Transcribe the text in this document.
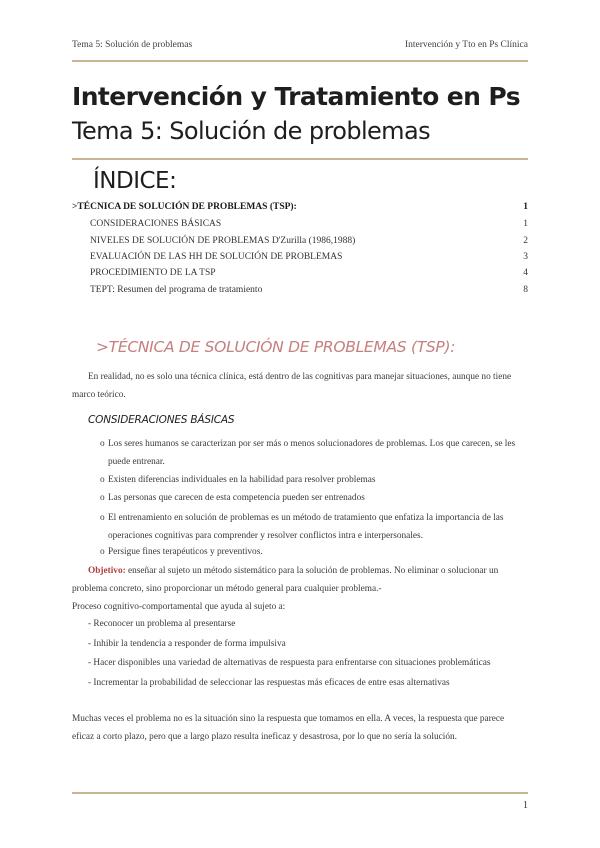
Tema 5: Solución de problemas	Intervención y Tto en Ps Clínica
Intervención y Tratamiento en Ps
Tema 5: Solución de problemas
ÍNDICE:
>TÉCNICA DE SOLUCIÓN DE PROBLEMAS (TSP):	1
CONSIDERACIONES BÁSICAS	1
NIVELES DE SOLUCIÓN DE PROBLEMAS D'Zurilla (1986,1988)	2
EVALUACIÓN DE LAS HH DE SOLUCIÓN DE PROBLEMAS	3
PROCEDIMIENTO DE LA TSP	4
TEPT: Resumen del programa de tratamiento	8
>TÉCNICA DE SOLUCIÓN DE PROBLEMAS (TSP):
En realidad, no es solo una técnica clínica, está dentro de las cognitivas para manejar situaciones, aunque no tiene marco teórico.
CONSIDERACIONES BÁSICAS
o Los seres humanos se caracterizan por ser más o menos solucionadores de problemas. Los que carecen, se les puede entrenar.
o Existen diferencias individuales en la habilidad para resolver problemas
o Las personas que carecen de esta competencia pueden ser entrenados
o El entrenamiento en solución de problemas es un método de tratamiento que enfatiza la importancia de las operaciones cognitivas para comprender y resolver conflictos intra e interpersonales.
o Persigue fines terapéuticos y preventivos.
Objetivo: enseñar al sujeto un método sistemático para la solución de problemas. No eliminar o solucionar un problema concreto, sino proporcionar un método general para cualquier problema.-
Proceso cognitivo-comportamental que ayuda al sujeto a:
- Reconocer un problema al presentarse
- Inhibir la tendencia a responder de forma impulsiva
- Hacer disponibles una variedad de alternativas de respuesta para enfrentarse con situaciones problemáticas
- Incrementar la probabilidad de seleccionar las respuestas más eficaces de entre esas alternativas
Muchas veces el problema no es la situación sino la respuesta que tomamos en ella. A veces, la respuesta que parece eficaz a corto plazo, pero que a largo plazo resulta ineficaz y desastrosa, por lo que no sería la solución.
1
